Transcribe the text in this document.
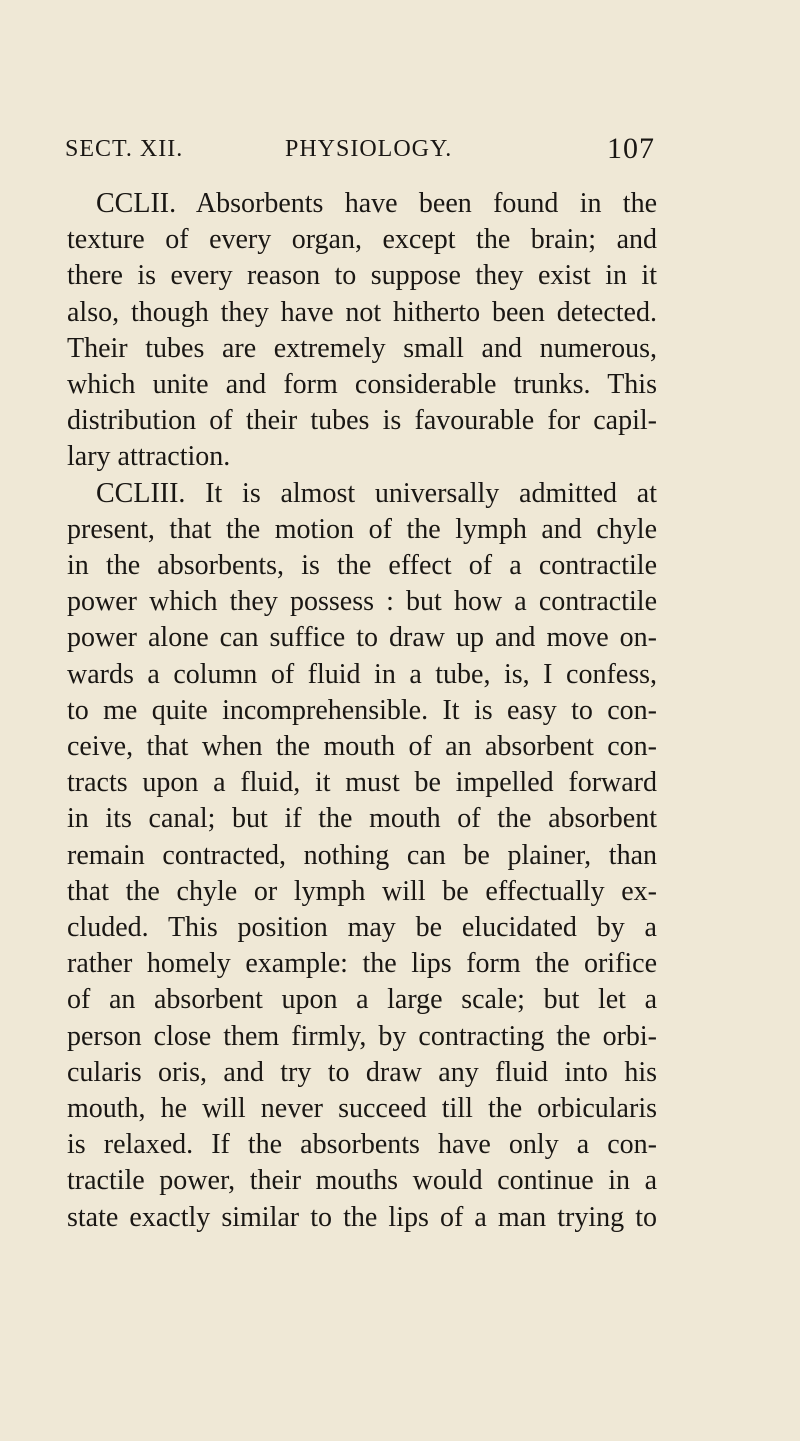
SECT. XII.	PHYSIOLOGY.	107
CCLII. Absorbents have been found in the
texture of every organ, except the brain; and
there is every reason to suppose they exist in it
also, though they have not hitherto been detected.
Their tubes are extremely small and numerous,
which unite and form considerable trunks. This
distribution of their tubes is favourable for capil-
lary attraction.
CCLIII. It is almost universally admitted at
present, that the motion of the lymph and chyle
in the absorbents, is the effect of a contractile
power which they possess : but how a contractile
power alone can suffice to draw up and move on-
wards a column of fluid in a tube, is, I confess,
to me quite incomprehensible. It is easy to con-
ceive, that when the mouth of an absorbent con-
tracts upon a fluid, it must be impelled forward
in its canal; but if the mouth of the absorbent
remain contracted, nothing can be plainer, than
that the chyle or lymph will be effectually ex-
cluded. This position may be elucidated by a
rather homely example: the lips form the orifice
of an absorbent upon a large scale; but let a
person close them firmly, by contracting the orbi-
cularis oris, and try to draw any fluid into his
mouth, he will never succeed till the orbicularis
is relaxed. If the absorbents have only a con-
tractile power, their mouths would continue in a
state exactly similar to the lips of a man trying to
